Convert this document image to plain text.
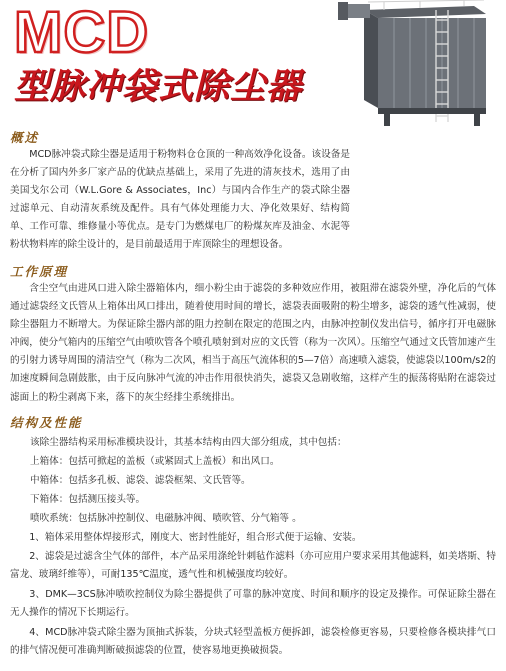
MCD
型脉冲袋式除尘器
概述

MCD脉冲袋式除尘器是适用于粉物料仓仓顶的一种高效净化设备。该设备是在分析了国内外多厂家产品的优缺点基础上，采用了先进的清灰技术，选用了由美国戈尔公司（W.L.Gore & Associates，Inc）与国内合作生产的袋式除尘器过滤单元、自动清灰系统及配件。具有气体处理能力大、净化效果好、结构简单、工作可靠、维修量小等优点。是专门为燃煤电厂的粉煤灰库及油金、水泥等粉状物料库的除尘设计的，是目前最适用于库顶除尘的理想设备。

工作原理

含尘空气由进风口进入除尘器箱体内，细小粉尘由于滤袋的多种效应作用，被阻滞在滤袋外壁，净化后的气体通过滤袋经文氏管从上箱体出风口排出，随着使用时间的增长，滤袋表面吸附的粉尘增多，滤袋的透气性减弱，使除尘器阻力不断增大。为保证除尘器内部的阻力控制在限定的范围之内，由脉冲控制仪发出信号，循序打开电磁脉冲阀，使分气箱内的压缩空气由喷吹管各个喷孔喷射到对应的文氏管（称为一次风）。压缩空气通过文氏管加速产生的引射力诱导周围的清洁空气（称为二次风，相当于高压气流体积的5—7倍）高速喷入滤袋，使滤袋以100m/s2的加速度瞬间急剧鼓胀，由于反向脉冲气流的冲击作用很快消失，滤袋又急剧收缩，这样产生的振荡将贴附在滤袋过滤面上的粉尘剥离下来，落下的灰尘经排尘系统排出。

结构及性能
该除尘器结构采用标准模块设计，其基本结构由四大部分组成，其中包括：
上箱体：包括可掀起的盖板（或紧固式上盖板）和出风口。
中箱体：包括多孔板、滤袋、滤袋框架、文氏管等。
下箱体：包括测压接头等。
喷吹系统：包括脉冲控制仪、电磁脉冲阀、喷吹管、分气箱等 。

1、箱体采用整体焊接形式，刚度大、密封性能好，组合形式便于运输、安装。

2、滤袋是过滤含尘气体的部件，本产品采用涤纶针刺毡作滤料（亦可应用户要求采用其他滤料，如美塔斯、特富龙、玻璃纤维等），可耐135℃温度，透气性和机械强度均较好。

3、DMK—3CS脉冲喷吹控制仪为除尘器提供了可靠的脉冲宽度、时间和顺序的设定及操作。可保证除尘器在无人操作的情况下长期运行。

4、MCD脉冲袋式除尘器为顶抽式拆装，分块式轻型盖板方便拆卸，滤袋检修更容易，只要检修各模块排气口的排气情况便可准确判断破损滤袋的位置，使容易地更换破损袋。
